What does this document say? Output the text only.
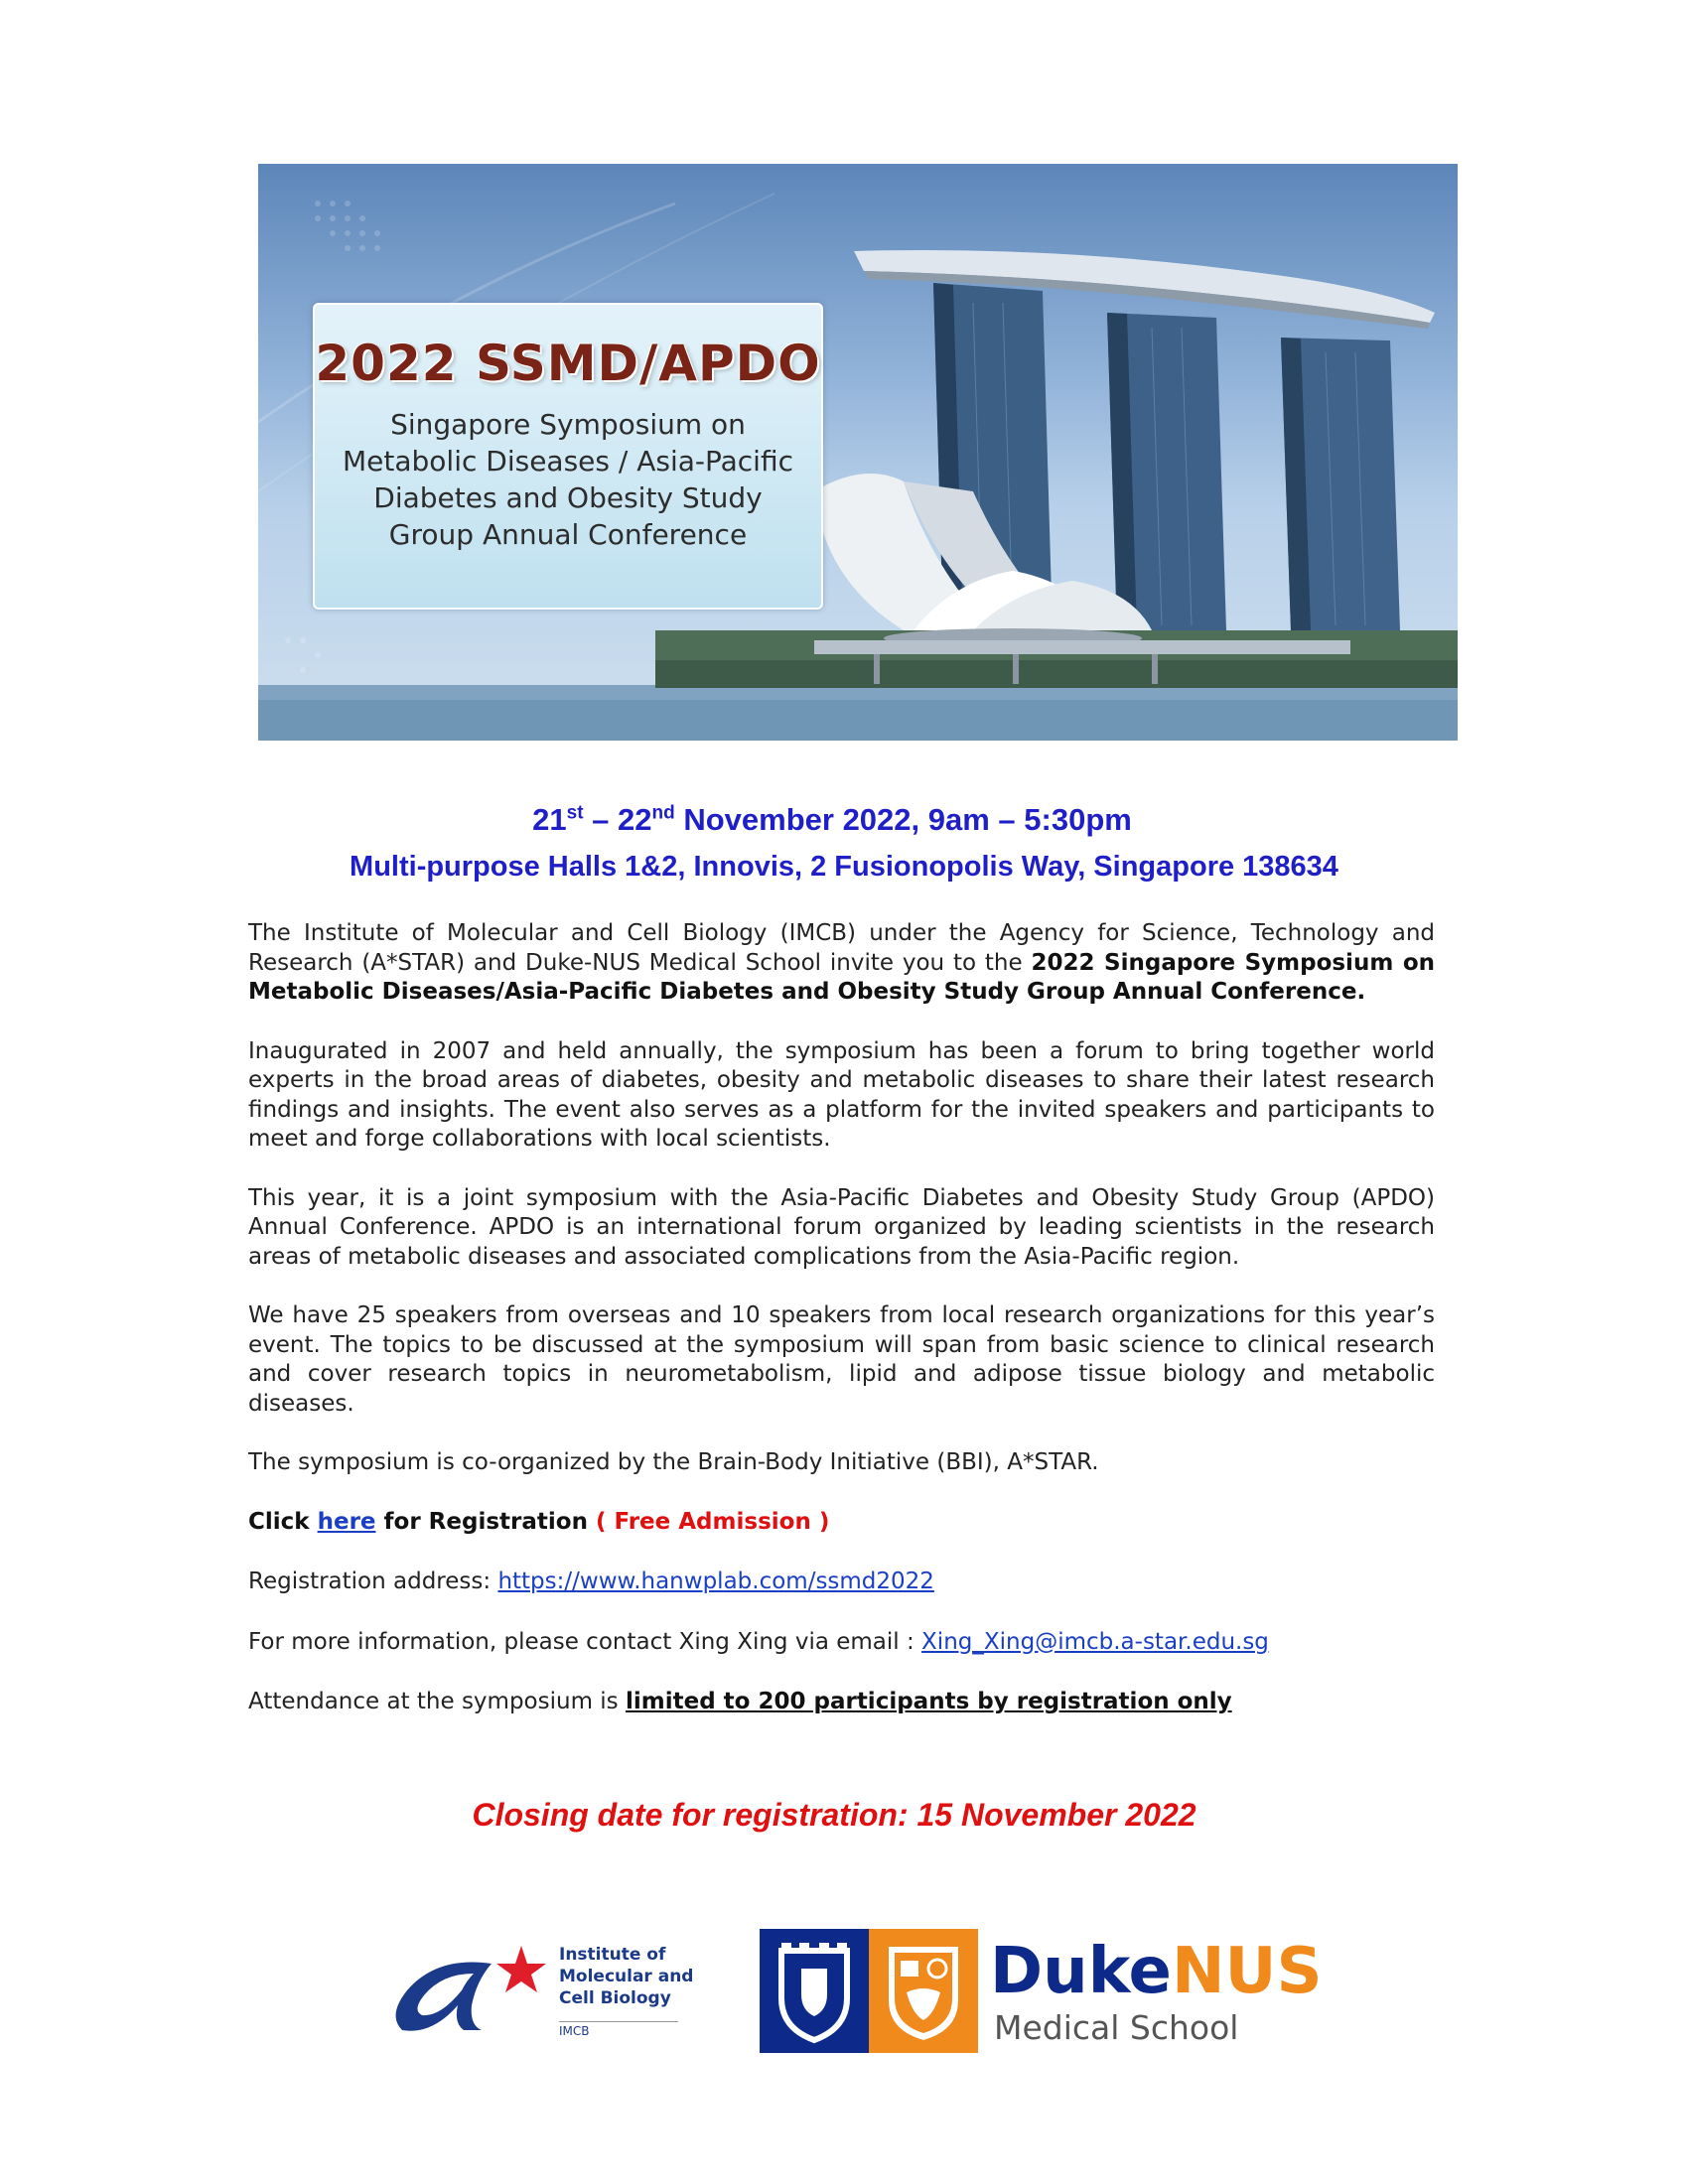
2022 SSMD/APDO
Singapore Symposium on Metabolic Diseases / Asia-Pacific Diabetes and Obesity Study Group Annual Conference
21st – 22nd November 2022, 9am – 5:30pm
Multi-purpose Halls 1&2, Innovis, 2 Fusionopolis Way, Singapore 138634

The Institute of Molecular and Cell Biology (IMCB) under the Agency for Science, Technology and Research (A*STAR) and Duke-NUS Medical School invite you to the 2022 Singapore Symposium on Metabolic Diseases/Asia-Pacific Diabetes and Obesity Study Group Annual Conference.

Inaugurated in 2007 and held annually, the symposium has been a forum to bring together world experts in the broad areas of diabetes, obesity and metabolic diseases to share their latest research findings and insights. The event also serves as a platform for the invited speakers and participants to meet and forge collaborations with local scientists.

This year, it is a joint symposium with the Asia-Pacific Diabetes and Obesity Study Group (APDO) Annual Conference. APDO is an international forum organized by leading scientists in the research areas of metabolic diseases and associated complications from the Asia-Pacific region.

We have 25 speakers from overseas and 10 speakers from local research organizations for this year’s event. The topics to be discussed at the symposium will span from basic science to clinical research and cover research topics in neurometabolism, lipid and adipose tissue biology and metabolic diseases.

The symposium is co-organized by the Brain-Body Initiative (BBI), A*STAR.

Click here for Registration ( Free Admission )

Registration address: https://www.hanwplab.com/ssmd2022

For more information, please contact Xing Xing via email : Xing_Xing@imcb.a-star.edu.sg

Attendance at the symposium is limited to 200 participants by registration only

Closing date for registration: 15 November 2022
Institute of
Molecular and
Cell Biology
IMCB
DukeNUS
Medical School
